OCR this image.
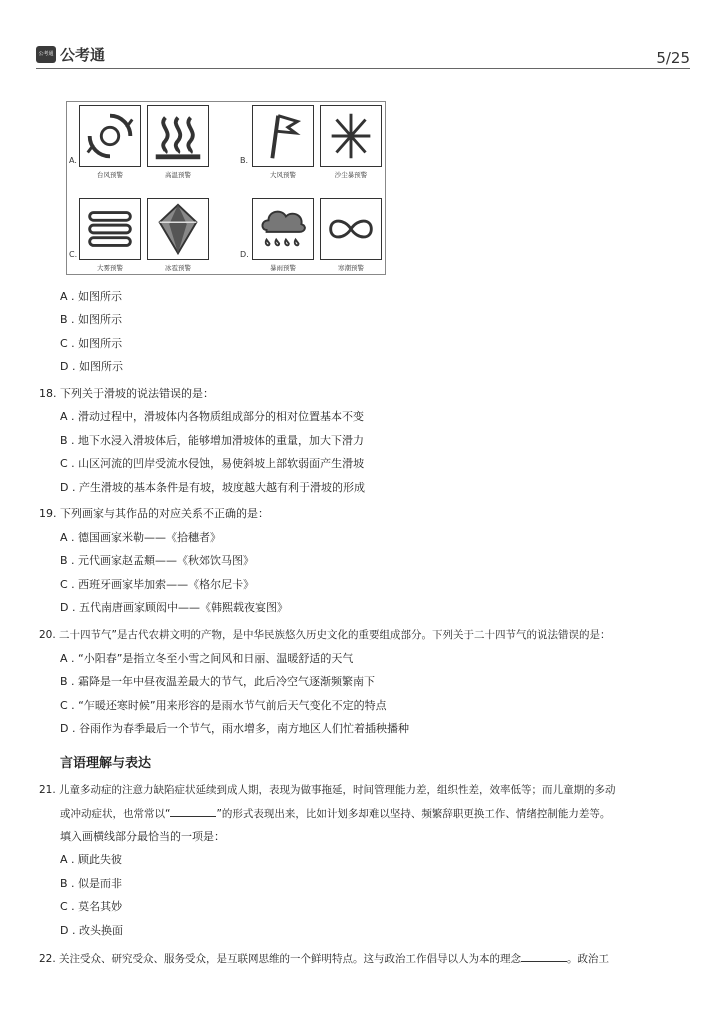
公考通 公考通	5/25
A.
台风预警	高温预警
B.
大风预警	沙尘暴预警
C.
大雾预警	冰雹预警
D.
暴雨预警	寒潮预警
A . 如图所示
B . 如图所示
C . 如图所示
D . 如图所示
18. 下列关于滑坡的说法错误的是：
A . 滑动过程中，滑坡体内各物质组成部分的相对位置基本不变
B . 地下水浸入滑坡体后，能够增加滑坡体的重量，加大下滑力
C . 山区河流的凹岸受流水侵蚀，易使斜坡上部软弱面产生滑坡
D . 产生滑坡的基本条件是有坡，坡度越大越有利于滑坡的形成
19. 下列画家与其作品的对应关系不正确的是：
A . 德国画家米勒——《拾穗者》
B . 元代画家赵孟頫——《秋郊饮马图》
C . 西班牙画家毕加索——《格尔尼卡》
D . 五代南唐画家顾闳中——《韩熙载夜宴图》
20. 二十四节气”是古代农耕文明的产物，是中华民族悠久历史文化的重要组成部分。下列关于二十四节气的说法错误的是：
A . “小阳春”是指立冬至小雪之间风和日丽、温暖舒适的天气
B . 霜降是一年中昼夜温差最大的节气，此后冷空气逐渐频繁南下
C . “乍暖还寒时候”用来形容的是雨水节气前后天气变化不定的特点
D . 谷雨作为春季最后一个节气，雨水增多，南方地区人们忙着插秧播种
言语理解与表达
21. 儿童多动症的注意力缺陷症状延续到成人期，表现为做事拖延，时间管理能力差，组织性差，效率低等；而儿童期的多动
或冲动症状，也常常以“	”的形式表现出来，比如计划多却难以坚持、频繁辞职更换工作、情绪控制能力差等。
填入画横线部分最恰当的一项是：
A . 顾此失彼
B . 似是而非
C . 莫名其妙
D . 改头换面
22. 关注受众、研究受众、服务受众，是互联网思维的一个鲜明特点。这与政治工作倡导以人为本的理念	。政治工
